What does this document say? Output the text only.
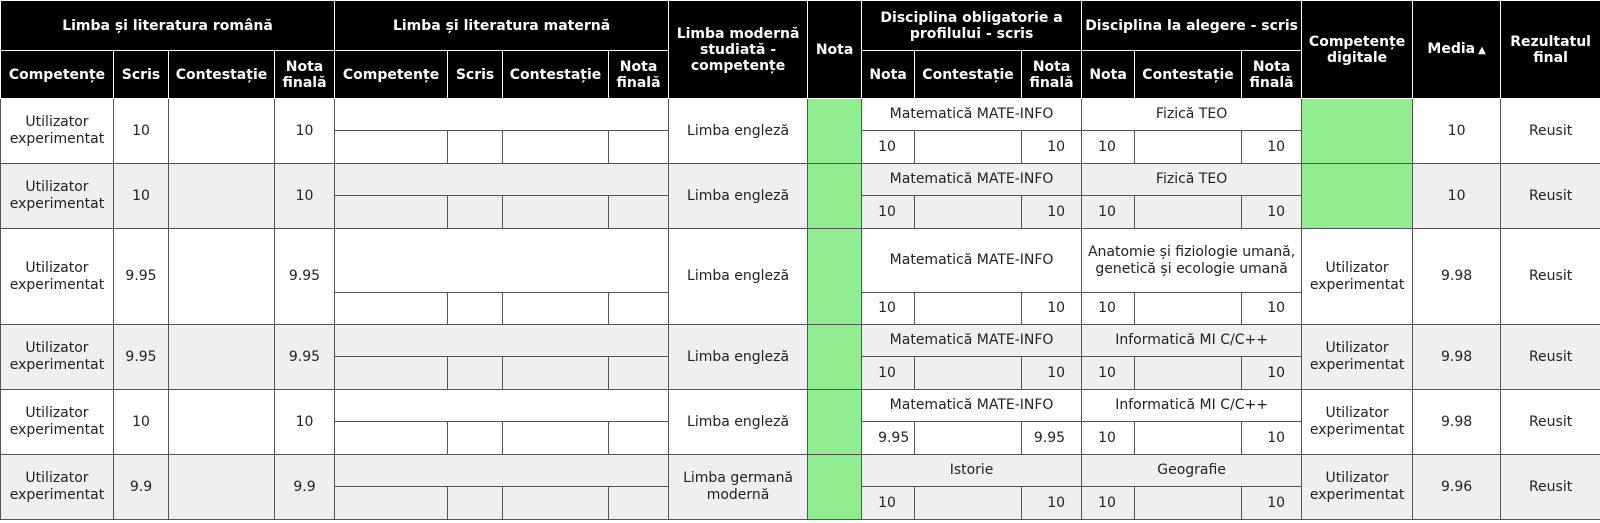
Limba și literatura română				Limba și literatura maternă				Limba modernă studiată - competențe	Nota	Disciplina obligatorie a profilului - scris			Disciplina la alegere - scris			Competențe digitale	Media ▲	Rezultatul final
Competențe	Scris	Contestație	Nota finală	Competențe	Scris	Contestație	Nota finală			Nota	Contestație	Nota finală	Nota	Contestație	Nota finală			
Utilizator experimentat	10		10					Limba engleză		Matematică MATE-INFO			Fizică TEO				10	Reusit
										10		10	10		10			
Utilizator experimentat	10		10					Limba engleză		Matematică MATE-INFO			Fizică TEO				10	Reusit
										10		10	10		10			
Utilizator experimentat	9.95		9.95					Limba engleză		Matematică MATE-INFO			Anatomie și fiziologie umană, genetică și ecologie umană			Utilizator experimentat	9.98	Reusit
										10		10	10		10			
Utilizator experimentat	9.95		9.95					Limba engleză		Matematică MATE-INFO			Informatică MI C/C++			Utilizator experimentat	9.98	Reusit
										10		10	10		10			
Utilizator experimentat	10		10					Limba engleză		Matematică MATE-INFO			Informatică MI C/C++			Utilizator experimentat	9.98	Reusit
										9.95		9.95	10		10			
Utilizator experimentat	9.9		9.9					Limba germană modernă		Istorie			Geografie			Utilizator experimentat	9.96	Reusit
										10		10	10		10			
